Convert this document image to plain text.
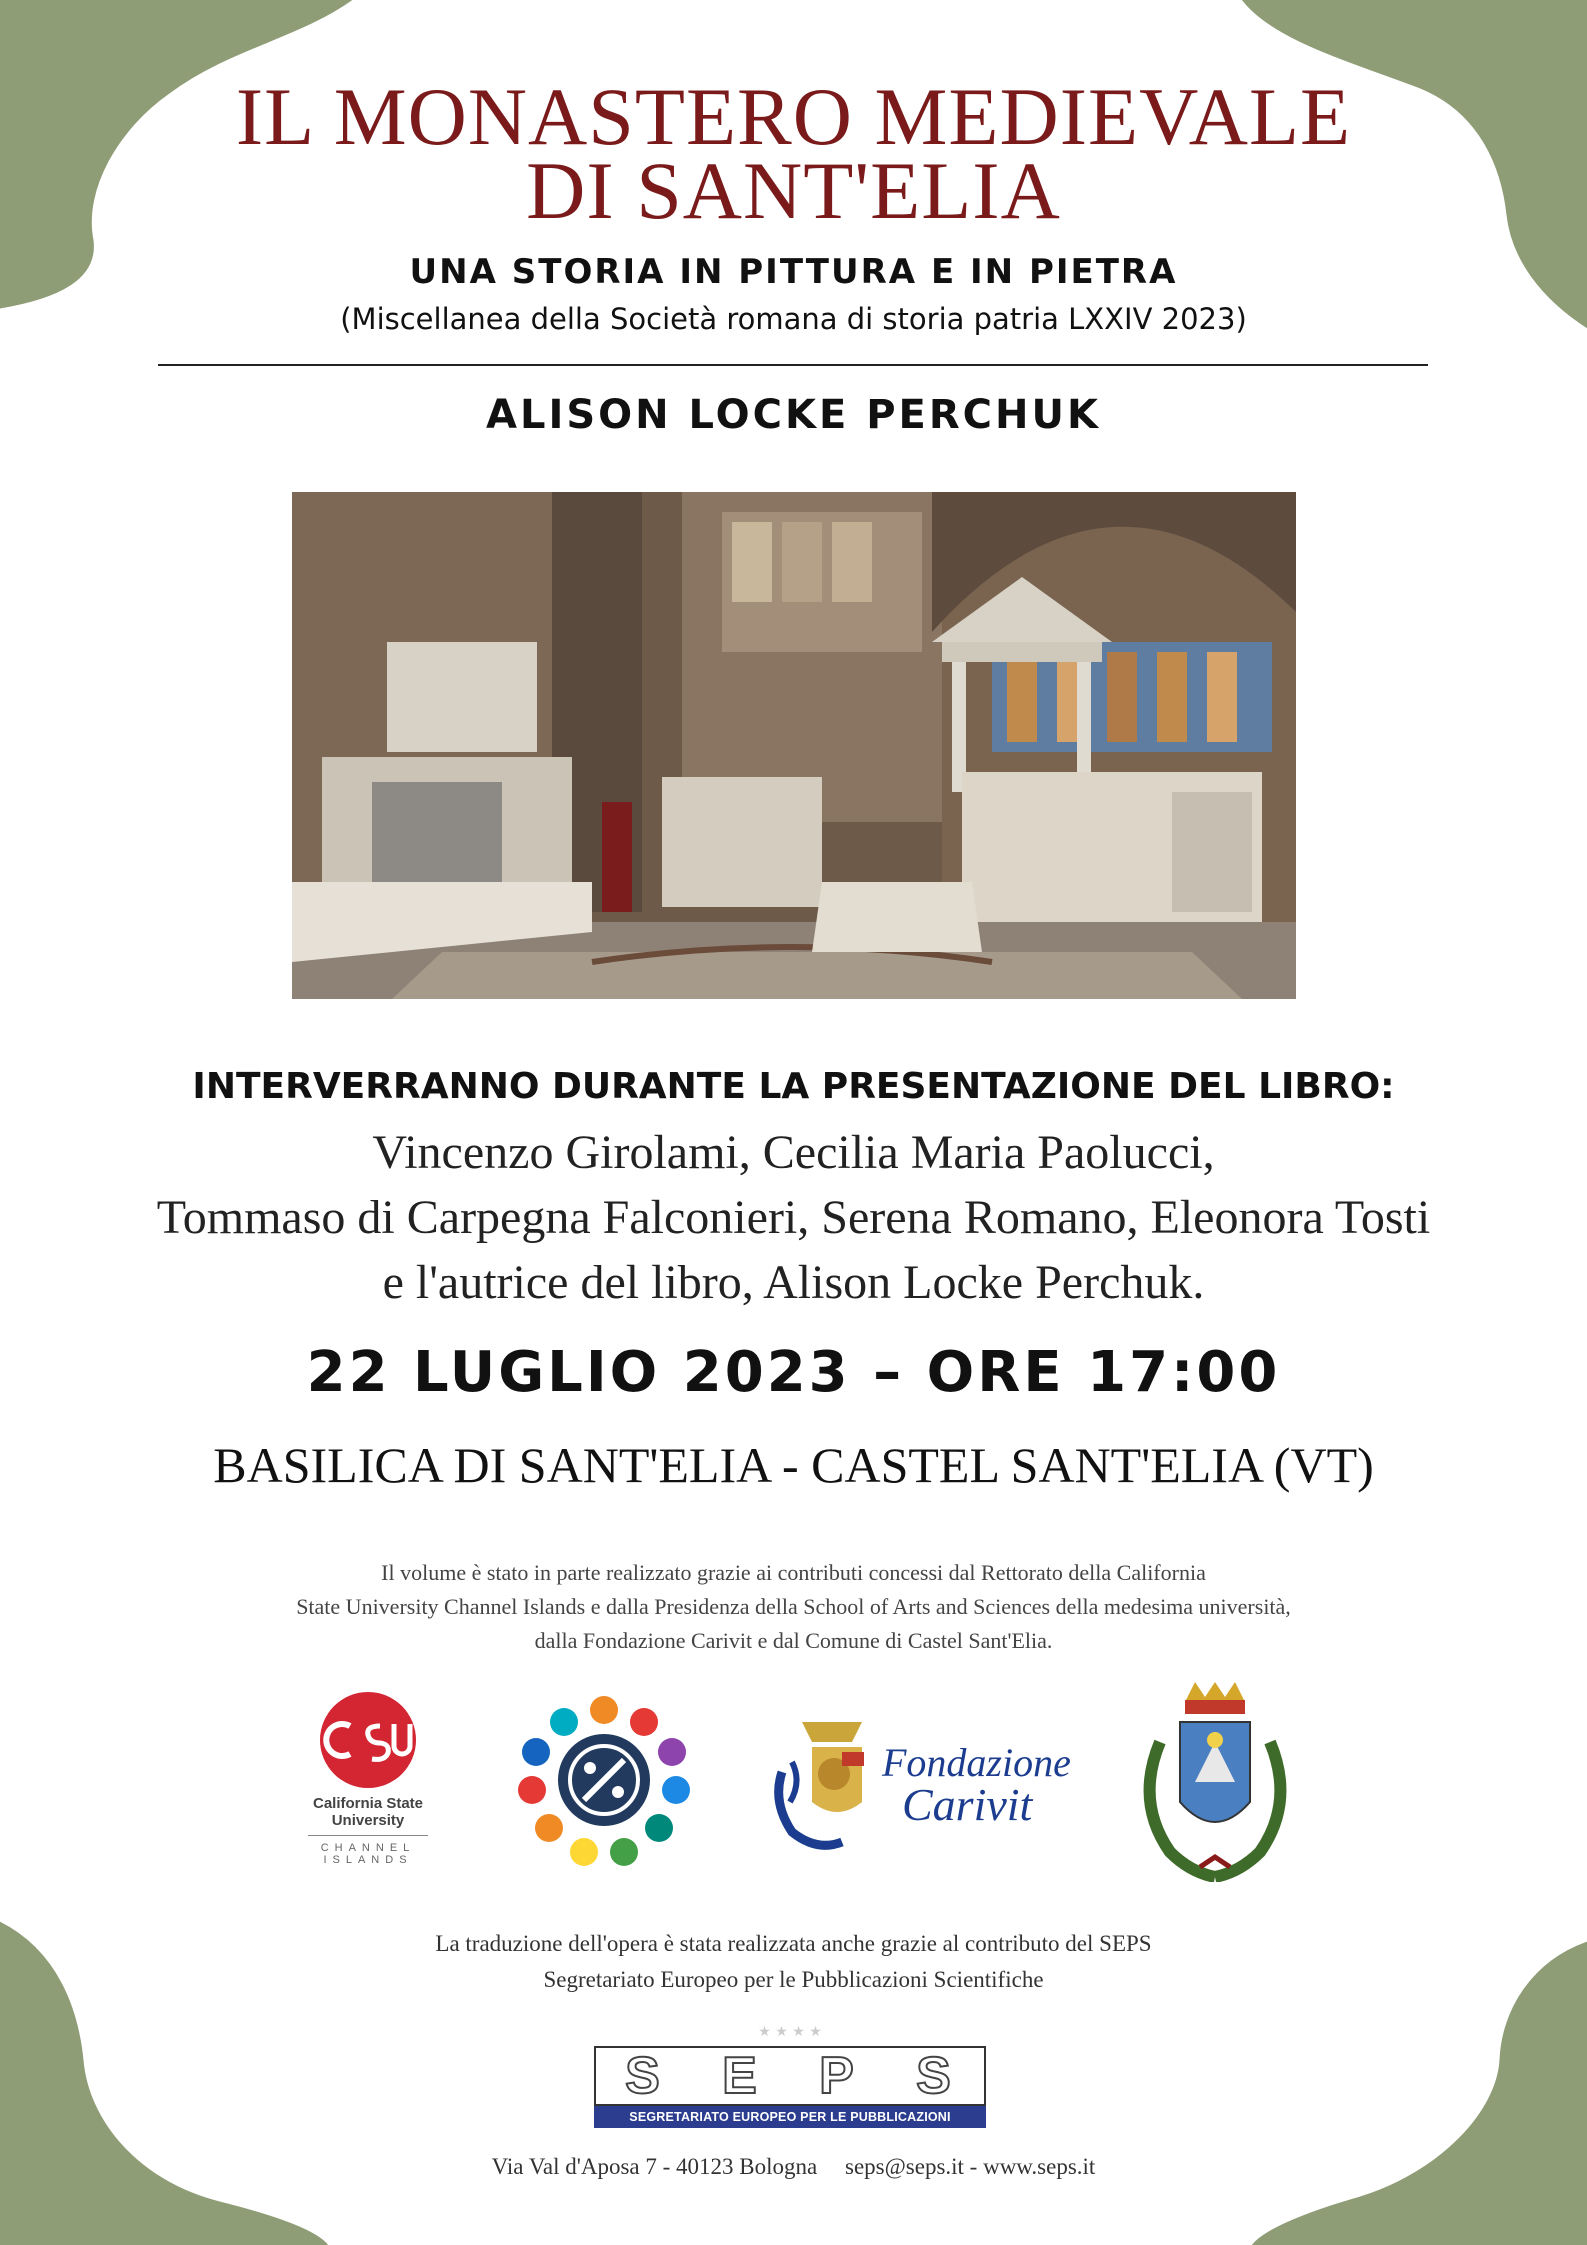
IL MONASTERO MEDIEVALE
DI SANT'ELIA
UNA STORIA IN PITTURA E IN PIETRA
(Miscellanea della Società romana di storia patria LXXIV 2023)
ALISON LOCKE PERCHUK
INTERVERRANNO DURANTE LA PRESENTAZIONE DEL LIBRO:
Vincenzo Girolami, Cecilia Maria Paolucci,
Tommaso di Carpegna Falconieri, Serena Romano, Eleonora Tosti
e l'autrice del libro, Alison Locke Perchuk.
22 LUGLIO 2023 – ORE 17:00
BASILICA DI SANT'ELIA - CASTEL SANT'ELIA (VT)
Il volume è stato in parte realizzato grazie ai contributi concessi dal Rettorato della California
State University Channel Islands e dalla Presidenza della School of Arts and Sciences della medesima università,
dalla Fondazione Carivit e dal Comune di Castel Sant'Elia.
California State
University
CHANNEL
ISLANDS
Fondazione
Carivit
La traduzione dell'opera è stata realizzata anche grazie al contributo del SEPS
Segretariato Europeo per le Pubblicazioni Scientifiche
★ ★ ★ ★
S E P S
SEGRETARIATO EUROPEO PER LE PUBBLICAZIONI SCIENTIFICHE
Via Val d'Aposa 7 - 40123 Bologna seps@seps.it - www.seps.it
